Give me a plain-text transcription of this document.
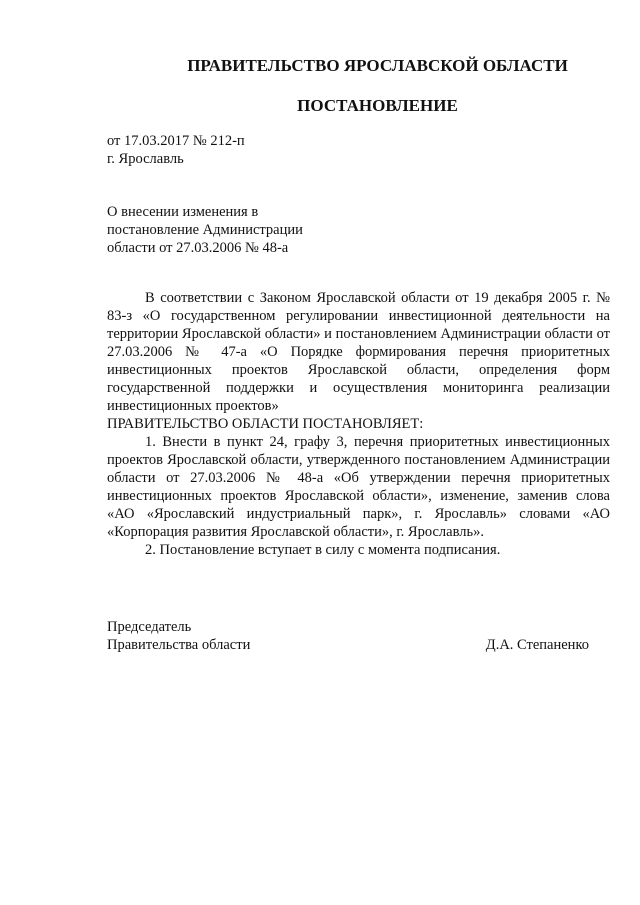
ПРАВИТЕЛЬСТВО ЯРОСЛАВСКОЙ ОБЛАСТИ
ПОСТАНОВЛЕНИЕ
от 17.03.2017 № 212-п
г. Ярославль
О внесении изменения в
постановление Администрации
области от 27.03.2006 № 48-а

В соответствии с Законом Ярославской области от 19 декабря 2005 г. № 83-з «О государственном регулировании инвестиционной деятельности на территории Ярославской области» и постановлением Администрации области от 27.03.2006 № 47-а «О Порядке формирования перечня приоритетных инвестиционных проектов Ярославской области, определения форм государственной поддержки и осуществления мониторинга реализации инвестиционных проектов»

ПРАВИТЕЛЬСТВО ОБЛАСТИ ПОСТАНОВЛЯЕТ:

1. Внести в пункт 24, графу 3, перечня приоритетных инвестиционных проектов Ярославской области, утвержденного постановлением Администрации области от 27.03.2006 № 48-а «Об утверждении перечня приоритетных инвестиционных проектов Ярославской области», изменение, заменив слова «АО «Ярославский индустриальный парк», г. Ярославль» словами «АО «Корпорация развития Ярославской области», г. Ярославль».

2. Постановление вступает в силу с момента подписания.

Председатель
Правительства области	Д.А. Степаненко
